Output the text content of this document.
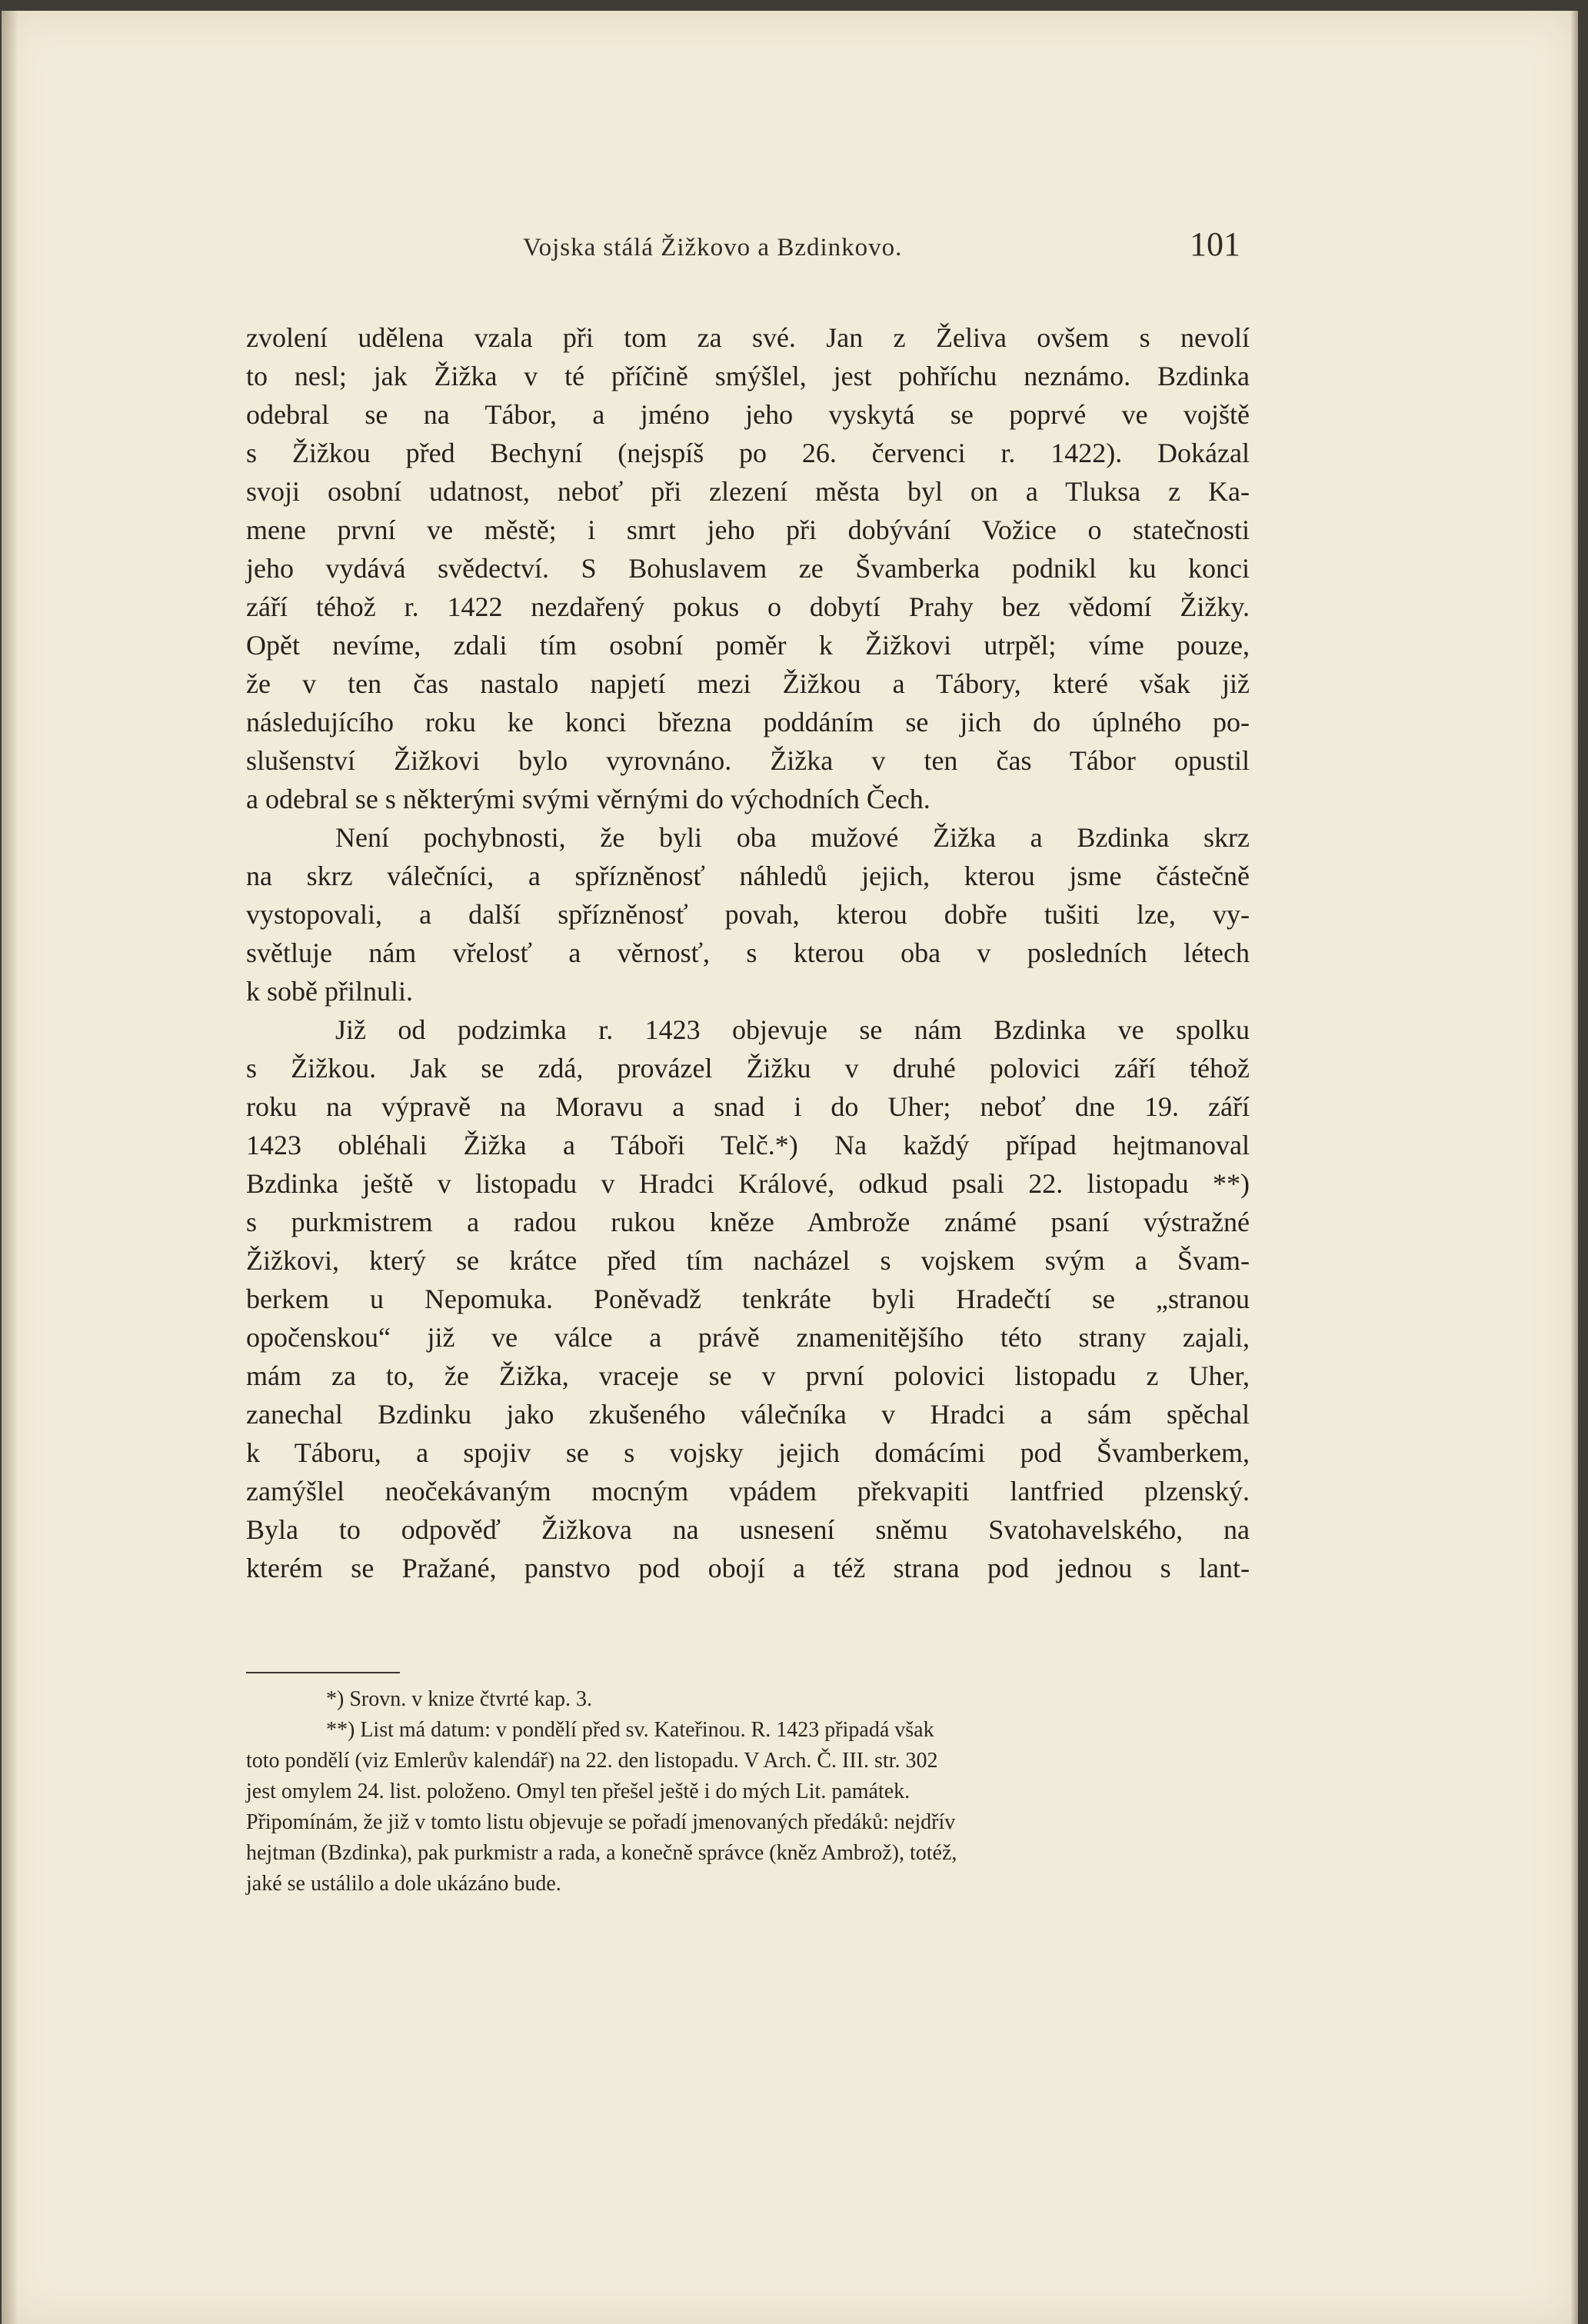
Vojska stálá Žižkovo a Bzdinkovo.	101
zvolení udělena vzala při tom za své. Jan z Želiva ovšem s nevolí
to nesl; jak Žižka v té příčině smýšlel, jest pohříchu neznámo. Bzdinka
odebral se na Tábor, a jméno jeho vyskytá se poprvé ve vojště
s Žižkou před Bechyní (nejspíš po 26. červenci r. 1422). Dokázal
svoji osobní udatnost, neboť při zlezení města byl on a Tluksa z Ka-
mene první ve městě; i smrt jeho při dobývání Vožice o statečnosti
jeho vydává svědectví. S Bohuslavem ze Švamberka podnikl ku konci
září téhož r. 1422 nezdařený pokus o dobytí Prahy bez vědomí Žižky.
Opět nevíme, zdali tím osobní poměr k Žižkovi utrpěl; víme pouze,
že v ten čas nastalo napjetí mezi Žižkou a Tábory, které však již
následujícího roku ke konci března poddáním se jich do úplného po-
slušenství Žižkovi bylo vyrovnáno. Žižka v ten čas Tábor opustil
a odebral se s některými svými věrnými do východních Čech.
Není pochybnosti, že byli oba mužové Žižka a Bzdinka skrz
na skrz válečníci, a spřízněnosť náhledů jejich, kterou jsme částečně
vystopovali, a další spřízněnosť povah, kterou dobře tušiti lze, vy-
světluje nám vřelosť a věrnosť, s kterou oba v posledních létech
k sobě přilnuli.
Již od podzimka r. 1423 objevuje se nám Bzdinka ve spolku
s Žižkou. Jak se zdá, provázel Žižku v druhé polovici září téhož
roku na výpravě na Moravu a snad i do Uher; neboť dne 19. září
1423 obléhali Žižka a Táboři Telč.*) Na každý případ hejtmanoval
Bzdinka ještě v listopadu v Hradci Králové, odkud psali 22. listopadu **)
s purkmistrem a radou rukou kněze Ambrože známé psaní výstražné
Žižkovi, který se krátce před tím nacházel s vojskem svým a Švam-
berkem u Nepomuka. Poněvadž tenkráte byli Hradečtí se „stranou
opočenskou“ již ve válce a právě znamenitějšího této strany zajali,
mám za to, že Žižka, vraceje se v první polovici listopadu z Uher,
zanechal Bzdinku jako zkušeného válečníka v Hradci a sám spěchal
k Táboru, a spojiv se s vojsky jejich domácími pod Švamberkem,
zamýšlel neočekávaným mocným vpádem překvapiti lantfried plzenský.
Byla to odpověď Žižkova na usnesení sněmu Svatohavelského, na
kterém se Pražané, panstvo pod obojí a též strana pod jednou s lant-
*) Srovn. v knize čtvrté kap. 3.
**) List má datum: v pondělí před sv. Kateřinou. R. 1423 připadá však
toto pondělí (viz Emlerův kalendář) na 22. den listopadu. V Arch. Č. III. str. 302
jest omylem 24. list. položeno. Omyl ten přešel ještě i do mých Lit. památek.
Připomínám, že již v tomto listu objevuje se pořadí jmenovaných předáků: nejdřív
hejtman (Bzdinka), pak purkmistr a rada, a konečně správce (kněz Ambrož), totéž,
jaké se ustálilo a dole ukázáno bude.
